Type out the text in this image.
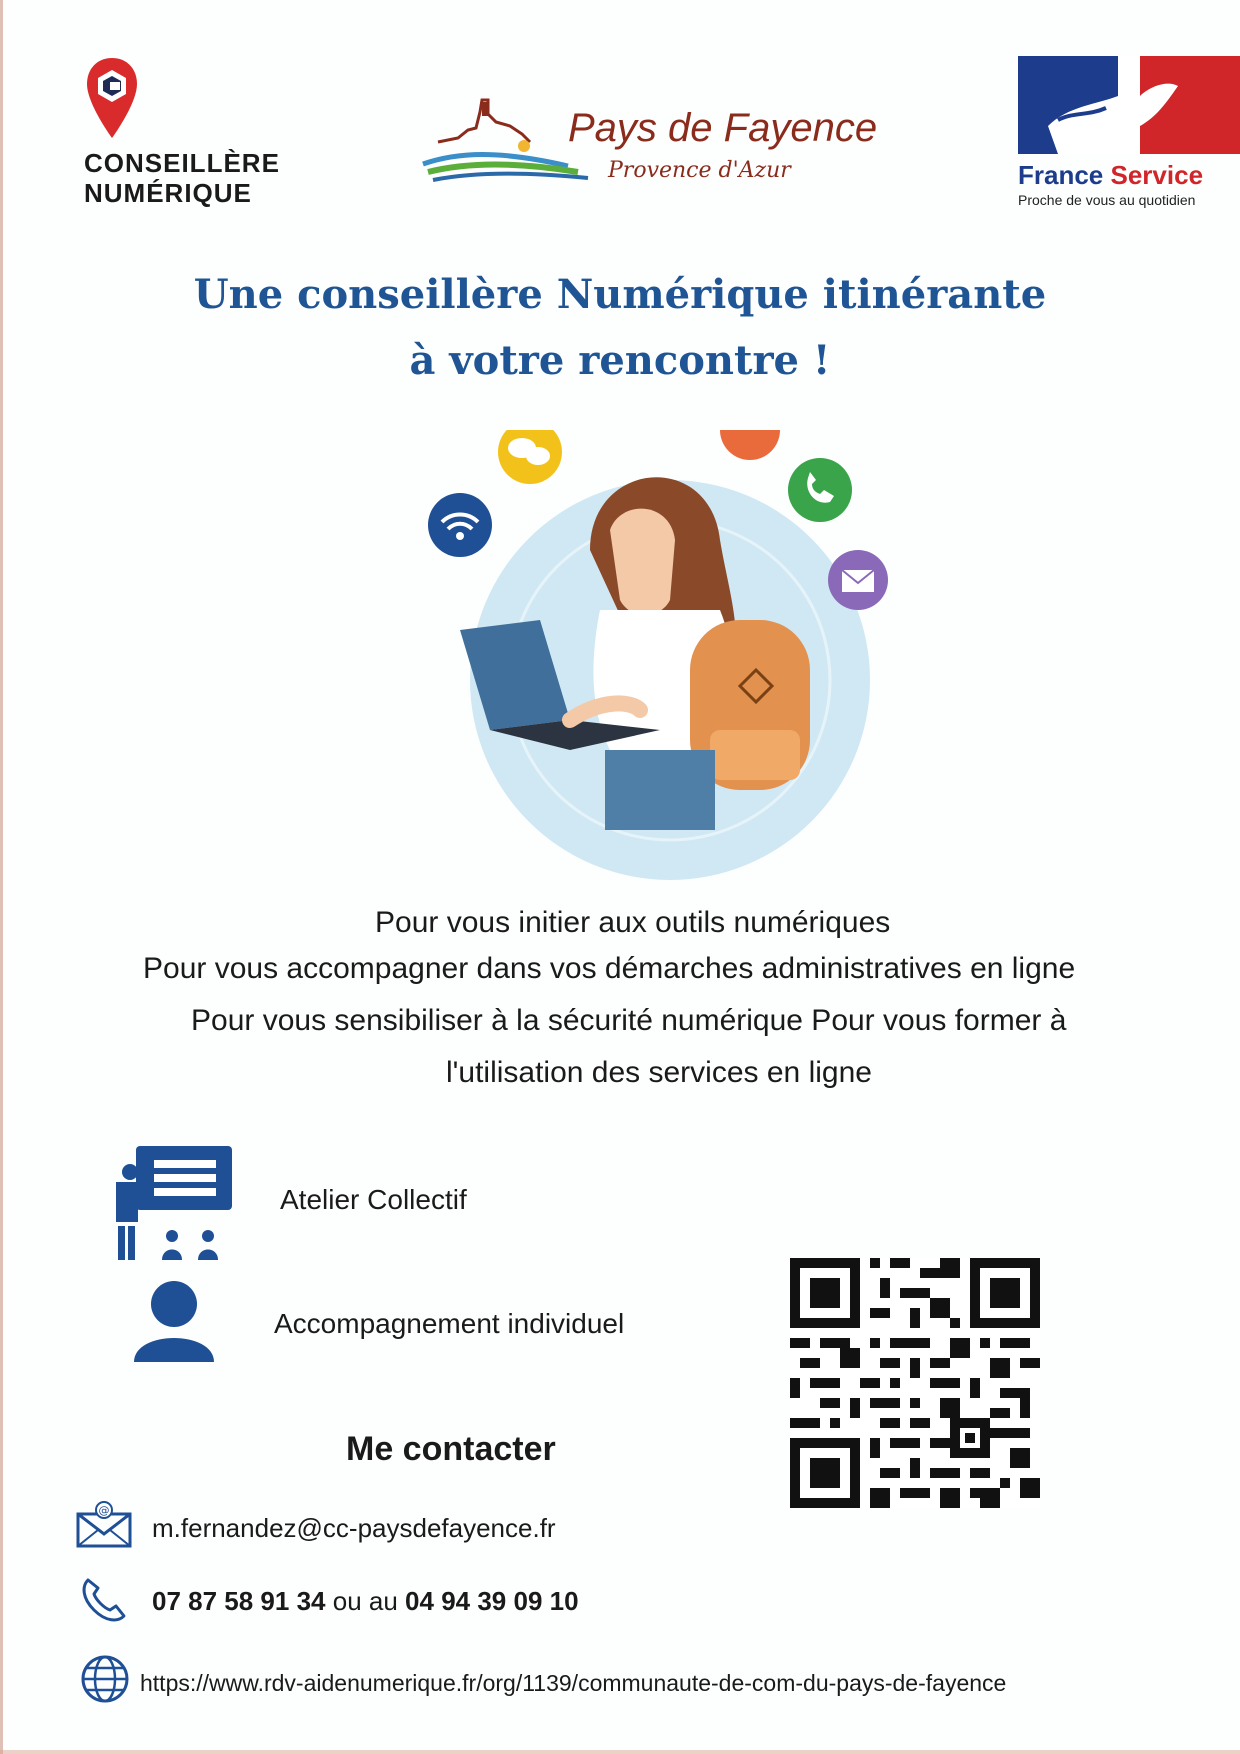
CONSEILLÈRE
NUMÉRIQUE
Pays de Fayence
Provence d'Azur	France Service
Proche de vous au quotidien
Une conseillère Numérique itinérante
à votre rencontre !
Pour vous initier aux outils numériques
Pour vous accompagner dans vos démarches administratives en ligne
Pour vous sensibiliser à la sécurité numérique Pour vous former à
l'utilisation des services en ligne
Atelier Collectif
Accompagnement individuel
Me contacter
@
m.fernandez@cc-paysdefayence.fr
07 87 58 91 34 ou au 04 94 39 09 10
https://www.rdv-aidenumerique.fr/org/1139/communaute-de-com-du-pays-de-fayence
